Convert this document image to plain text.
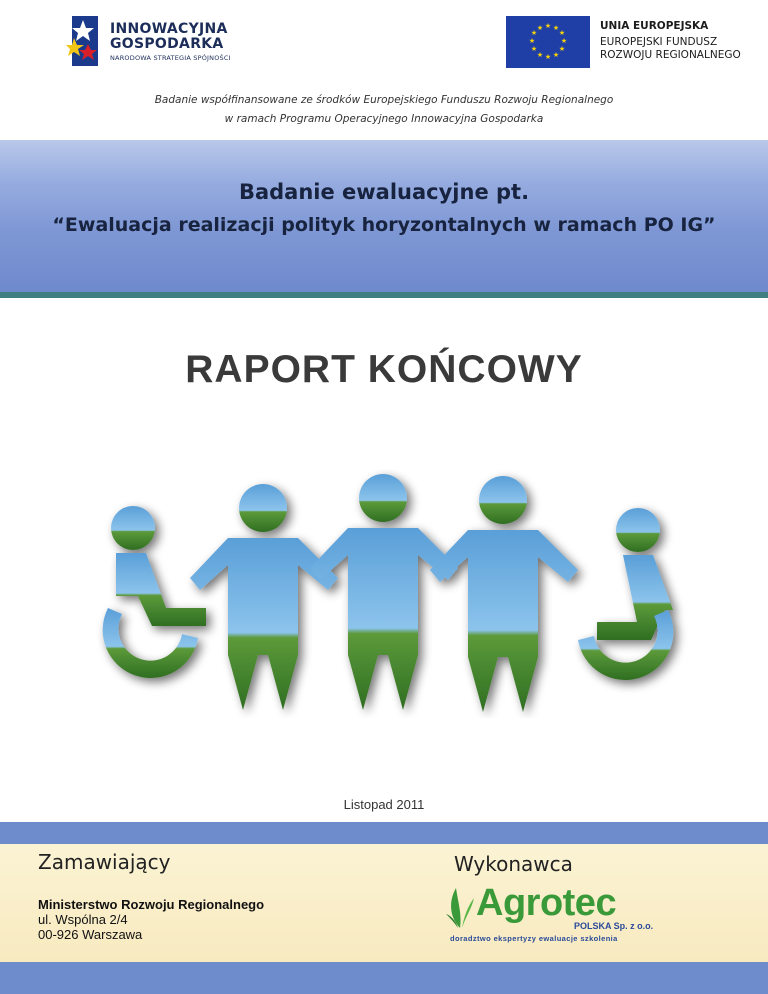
INNOWACYJNA
GOSPODARKA
NARODOWA STRATEGIA SPÓJNOŚCI
★ ★
★
★
★
★
★
★
★
★
★
★	UNIA EUROPEJSKA
EUROPEJSKI FUNDUSZ
ROZWOJU REGIONALNEGO
Badanie współfinansowane ze środków Europejskiego Funduszu Rozwoju Regionalnego
w ramach Programu Operacyjnego Innowacyjna Gospodarka
Badanie ewaluacyjne pt.
“Ewaluacja realizacji polityk horyzontalnych w ramach PO IG”
RAPORT KOŃCOWY
Listopad 2011
Zamawiający
Ministerstwo Rozwoju Regionalnego
ul. Wspólna 2/4
00-926 Warszawa
Wykonawca
Agrotec
POLSKA Sp. z o.o.
doradztwo ekspertyzy ewaluacje szkolenia
